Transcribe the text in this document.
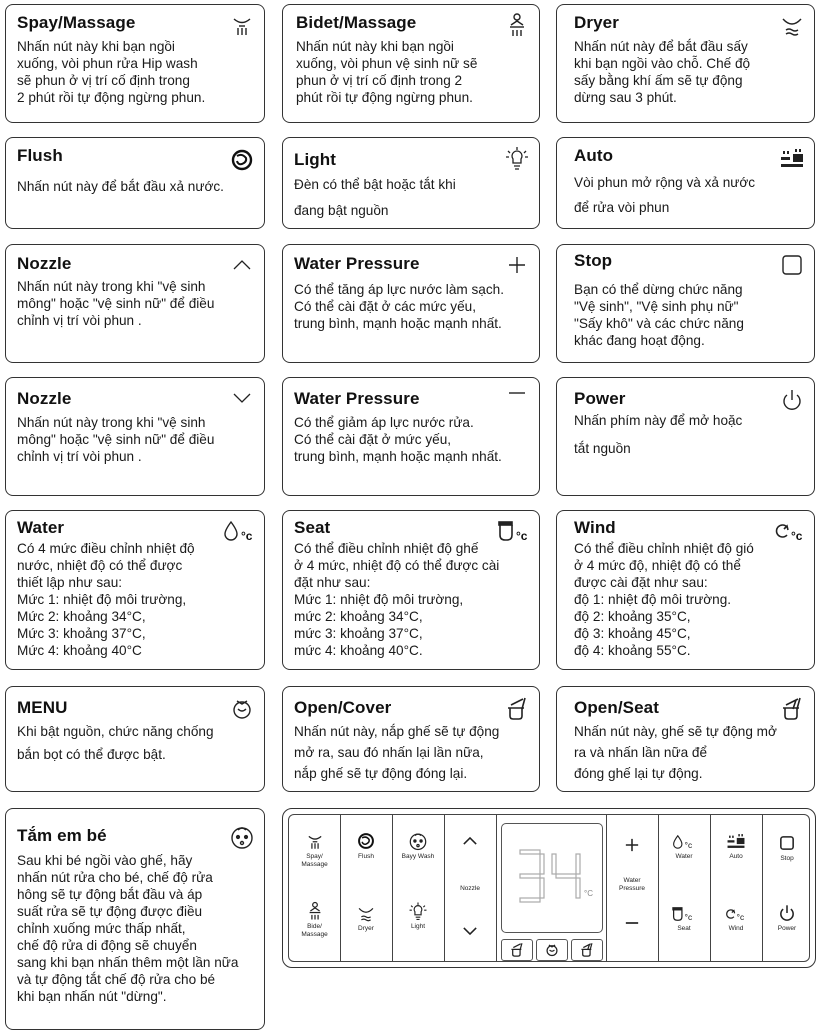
Spay/Massage
Nhấn nút này khi bạn ngồi
xuống, vòi phun rửa Hip wash
sẽ phun ở vị trí cố định trong
2 phút rồi tự động ngừng phun.
Bidet/Massage
Nhấn nút này khi bạn ngồi
xuống, vòi phun vệ sinh nữ sẽ
phun ở vị trí cố định trong 2
phút rồi tự động ngừng phun.
Dryer
Nhấn nút này để bắt đầu sấy
khi bạn ngồi vào chỗ. Chế độ
sấy bằng khí ấm sẽ tự động
dừng sau 3 phút.
Flush
Nhấn nút này để bắt đầu xả nước.
Light
Đèn có thể bật hoặc tắt khi
đang bật nguồn
Auto
Vòi phun mở rộng và xả nước
để rửa vòi phun
Nozzle
Nhấn nút này trong khi "vệ sinh
mông" hoặc "vệ sinh nữ" để điều
chỉnh vị trí vòi phun .
Water Pressure
Có thể tăng áp lực nước làm sạch.
Có thể cài đặt ở các mức yếu,
trung bình, mạnh hoặc mạnh nhất.
Stop
Bạn có thể dừng chức năng
"Vệ sinh", "Vệ sinh phụ nữ"
"Sấy khô" và các chức năng
khác đang hoạt động.
Nozzle
Nhấn nút này trong khi "vệ sinh
mông" hoặc "vệ sinh nữ" để điều
chỉnh vị trí vòi phun .
Water Pressure
Có thể giảm áp lực nước rửa.
Có thể cài đặt ở mức yếu,
trung bình, mạnh hoặc mạnh nhất.
Power
Nhấn phím này để mở hoặc

tắt nguồn
Water	°c
Có 4 mức điều chỉnh nhiệt độ
nước, nhiệt độ có thể được
thiết lập như sau:
Mức 1: nhiệt độ môi trường,
Mức 2: khoảng 34°C,
Mức 3: khoảng 37°C,
Mức 4: khoảng 40°C
Seat	°c
Có thể điều chỉnh nhiệt độ ghế
ở 4 mức, nhiệt độ có thể được cài
đặt như sau:
Mức 1: nhiệt độ môi trường,
mức 2: khoảng 34°C,
mức 3: khoảng 37°C,
mức 4: khoảng 40°C.
Wind	°c
Có thể điều chỉnh nhiệt độ gió
ở 4 mức độ, nhiệt độ có thể
được cài đặt như sau:
độ 1: nhiệt độ môi trường.
độ 2: khoảng 35°C,
độ 3: khoảng 45°C,
độ 4: khoảng 55°C.
MENU
Khi bật nguồn, chức năng chống
bắn bọt có thể được bật.
Open/Cover
Nhấn nút này, nắp ghế sẽ tự động
mở ra, sau đó nhấn lại lần nữa,
nắp ghế sẽ tự động đóng lại.
Open/Seat
Nhấn nút này, ghế sẽ tự động mở
ra và nhấn lần nữa để
đóng ghế lại tự động.
Tắm em bé
Sau khi bé ngồi vào ghế, hãy
nhấn nút rửa cho bé, chế độ rửa
hông sẽ tự động bắt đầu và áp
suất rửa sẽ tự động được điều
chỉnh xuống mức thấp nhất,
chế độ rửa di động sẽ chuyển
sang khi bạn nhấn thêm một lần nữa
và tự động tắt chế độ rửa cho bé
khi bạn nhấn nút "dừng".
Spay/
Massage
Bide/
Massage
Flush
Dryer
Bayy Wash
Light
Nozzle
°C
Water
Pressure
°c
Water
°c
Seat
Auto
°c
Wind
Stop
Power
